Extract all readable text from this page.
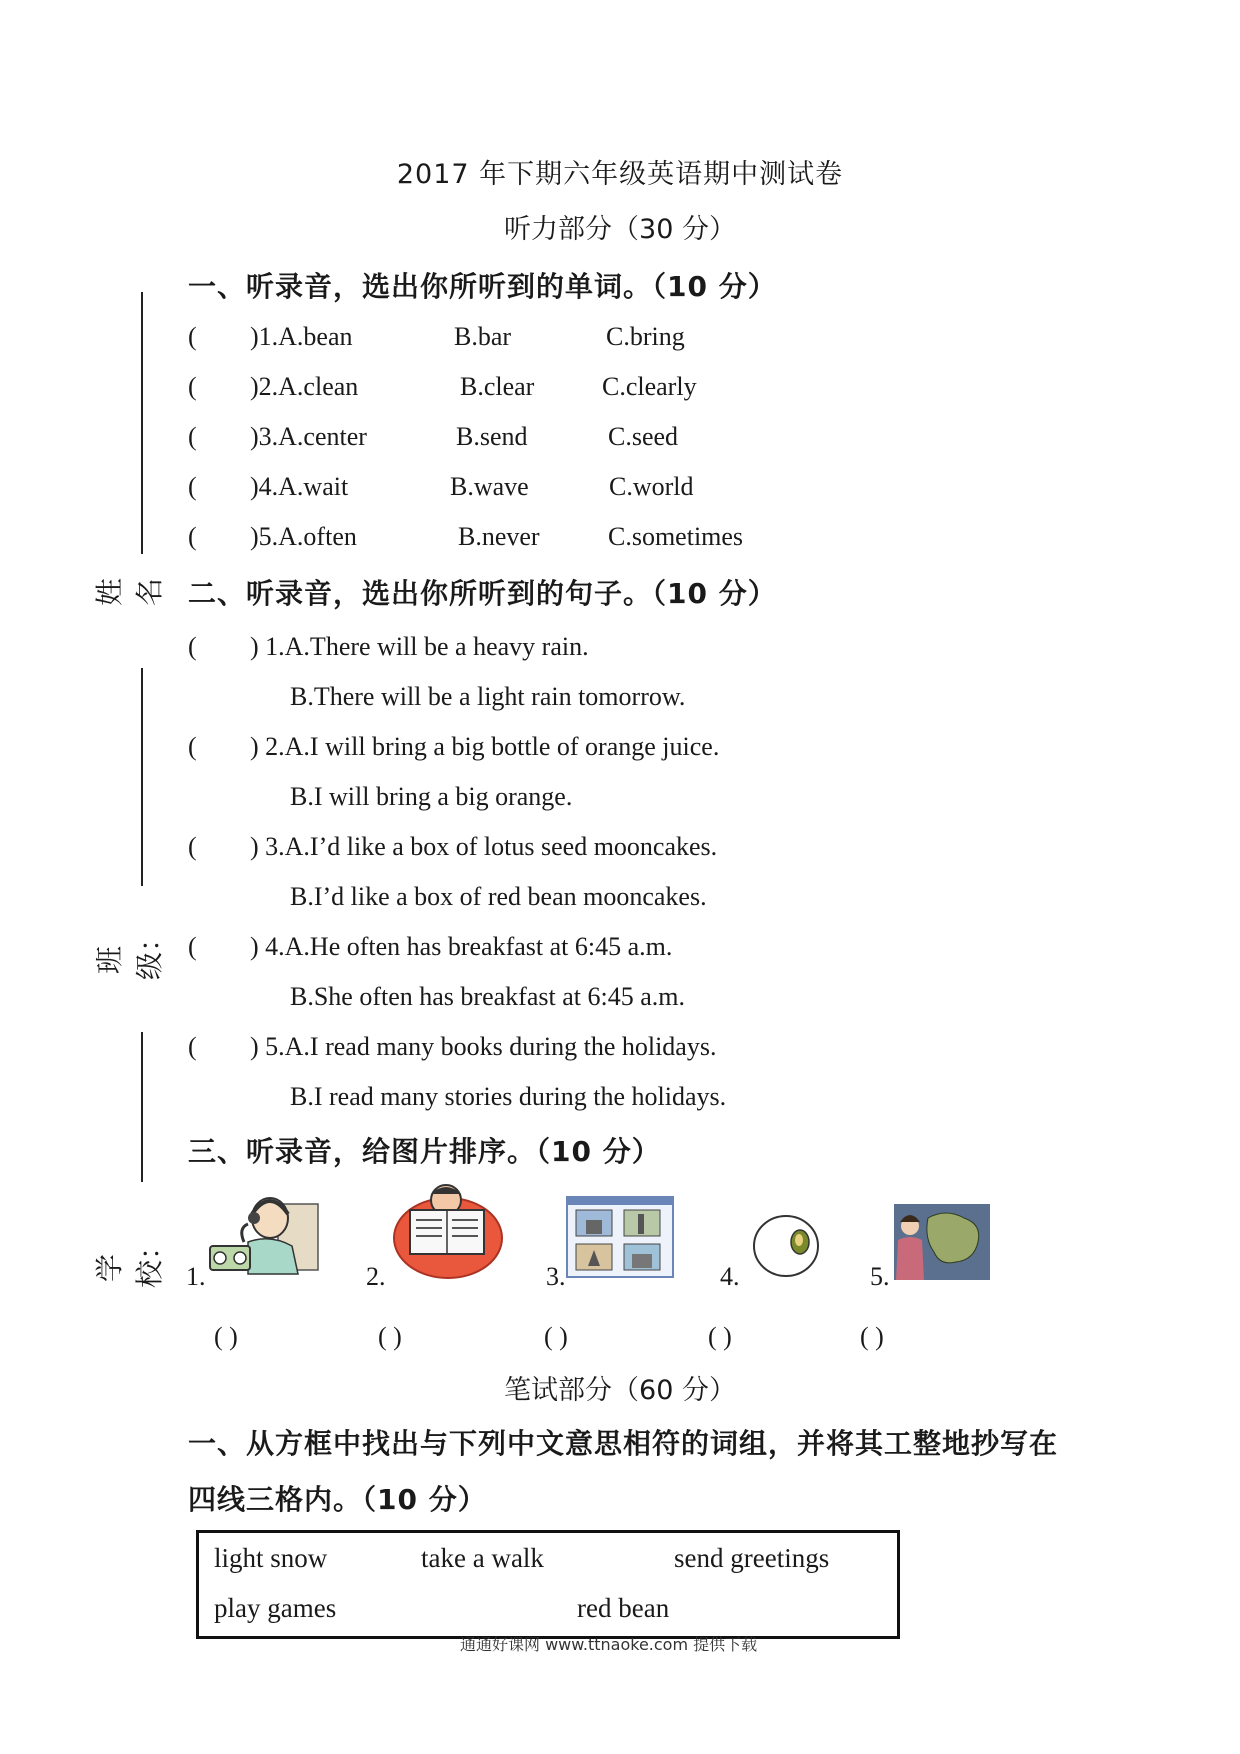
2017 年下期六年级英语期中测试卷
听力部分（30 分）
姓名
班级：
学校：
一、听录音，选出你所听到的单词。（10 分）
( )1.A.bean	B.bar	C.bring
( )2.A.clean	B.clear	C.clearly
( )3.A.center	B.send	C.seed
( )4.A.wait	B.wave	C.world
( )5.A.often	B.never	C.sometimes
二、听录音，选出你所听到的句子。（10 分）
( ) 1.A.There will be a heavy rain.
B.There will be a light rain tomorrow.
( ) 2.A.I will bring a big bottle of orange juice.
B.I will bring a big orange.
( ) 3.A.I’d like a box of lotus seed mooncakes.
B.I’d like a box of red bean mooncakes.
( ) 4.A.He often has breakfast at 6:45 a.m.
B.She often has breakfast at 6:45 a.m.
( ) 5.A.I read many books during the holidays.
B.I read many stories during the holidays.
三、听录音，给图片排序。（10 分）
1.	2.	3.	4.	5.
( )	( )	( )	( )	( )
笔试部分（60 分）
一、从方框中找出与下列中文意思相符的词组，并将其工整地抄写在
四线三格内。（10 分）
light snow	take a walk	send greetings
play games	red bean
通通好课网 www.ttnaoke.com 提供下载
